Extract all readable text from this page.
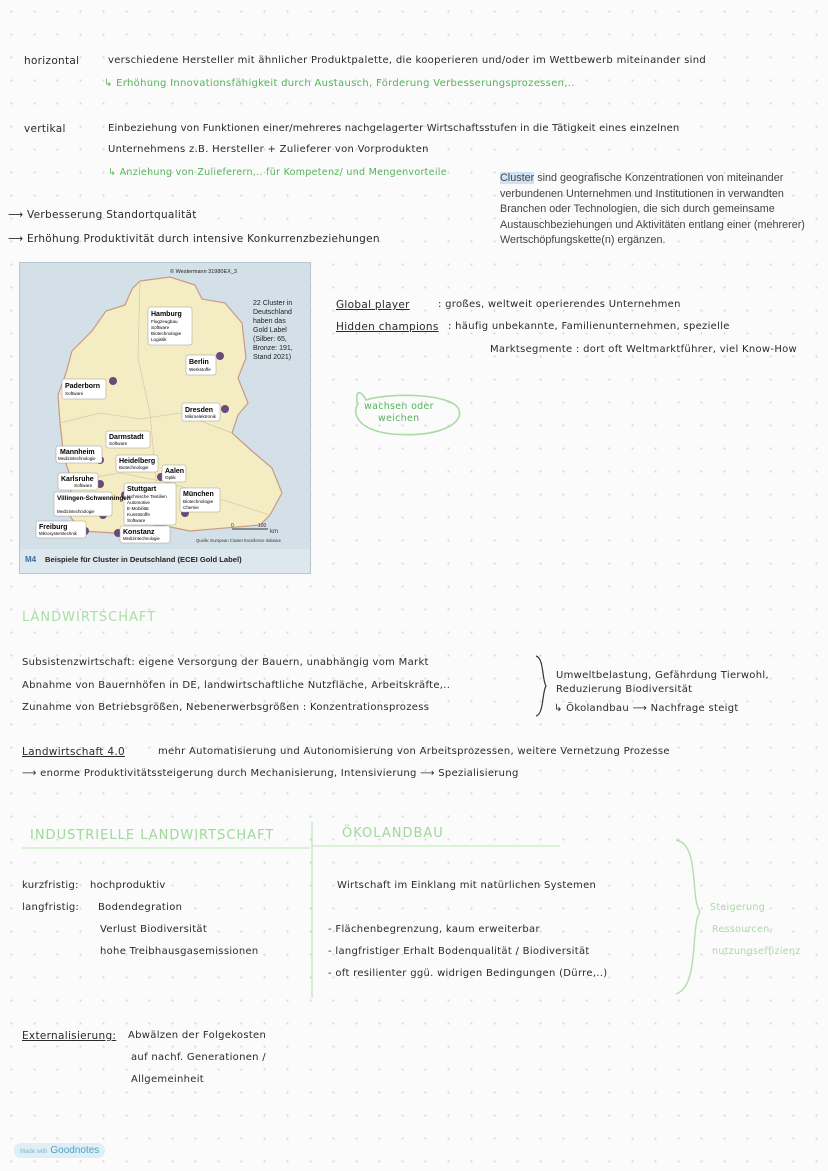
horizontal	verschiedene Hersteller mit ähnlicher Produktpalette, die kooperieren und/oder im Wettbewerb miteinander sind
↳ Erhöhung Innovationsfähigkeit durch Austausch, Förderung Verbesserungsprozessen,..
vertikal	Einbeziehung von Funktionen einer/mehreres nachgelagerter Wirtschaftsstufen in die Tätigkeit eines einzelnen
Unternehmens z.B. Hersteller + Zulieferer von Vorprodukten
↳ Anziehung von Zulieferern,.. für Kompetenz/ und Mengenvorteile
⟶ Verbesserung Standortqualität
⟶ Erhöhung Produktivität durch intensive Konkurrenzbeziehungen
Cluster sind geografische Konzentrationen von miteinander verbundenen Unternehmen und Institutionen in verwandten Branchen oder Technologien, die sich durch gemeinsame Austauschbeziehungen und Aktivitäten entlang einer (mehrerer) Wertschöpfungskette(n) ergänzen.
© Westermann 31980EX_3
22 Cluster in
Deutschland
haben das
Gold Label
(Silber: 65,
Bronze: 191,
Stand 2021)
Hamburg
Flugzeugbau
Software
Biotechnologie
Logistik
Berlin
Werkstoffe
Paderborn
Software
Dresden
Mikroelektronik
Darmstadt
Software
Mannheim
Medizintechnologie	Heidelberg
Biotechnologie
Aalen
Optik
Karlsruhe
Software
Stuttgart
technische Textilien
Automotive
E-Mobilität
Kunststoffe
Software
München
Biotechnologie
Chemie
Villingen-Schwenningen
Medizintechnologie
Freiburg
Mikrosystemtechnik	Konstanz
Medizintechnologie
0	100
km
Quelle: European Cluster Excellence Initiative
M4 Beispiele für Cluster in Deutschland (ECEI Gold Label)
Global player	: großes, weltweit operierendes Unternehmen
Hidden champions : häufig unbekannte, Familienunternehmen, spezielle
Marktsegmente : dort oft Weltmarktführer, viel Know-How
wachsen oder
weichen
LANDWIRTSCHAFT
Subsistenzwirtschaft: eigene Versorgung der Bauern, unabhängig vom Markt
Abnahme von Bauernhöfen in DE, landwirtschaftliche Nutzfläche, Arbeitskräfte,..
Zunahme von Betriebsgrößen, Nebenerwerbsgrößen : Konzentrationsprozess
Umweltbelastung, Gefährdung Tierwohl,
Reduzierung Biodiversität
↳ Ökolandbau ⟶ Nachfrage steigt
Landwirtschaft 4.0	mehr Automatisierung und Autonomisierung von Arbeitsprozessen, weitere Vernetzung Prozesse
⟶ enorme Produktivitätssteigerung durch Mechanisierung, Intensivierung ⟶ Spezialisierung
INDUSTRIELLE LANDWIRTSCHAFT	ÖKOLANDBAU
kurzfristig: hochproduktiv
langfristig: Bodendegration
Verlust Biodiversität
hohe Treibhausgasemissionen
Wirtschaft im Einklang mit natürlichen Systemen
- Flächenbegrenzung, kaum erweiterbar
- langfristiger Erhalt Bodenqualität / Biodiversität
- oft resilienter ggü. widrigen Bedingungen (Dürre,..)
Steigerung
Ressourcen-
nutzungseffizienz
Externalisierung: Abwälzen der Folgekosten
auf nachf. Generationen /
Allgemeinheit
Made with Goodnotes
